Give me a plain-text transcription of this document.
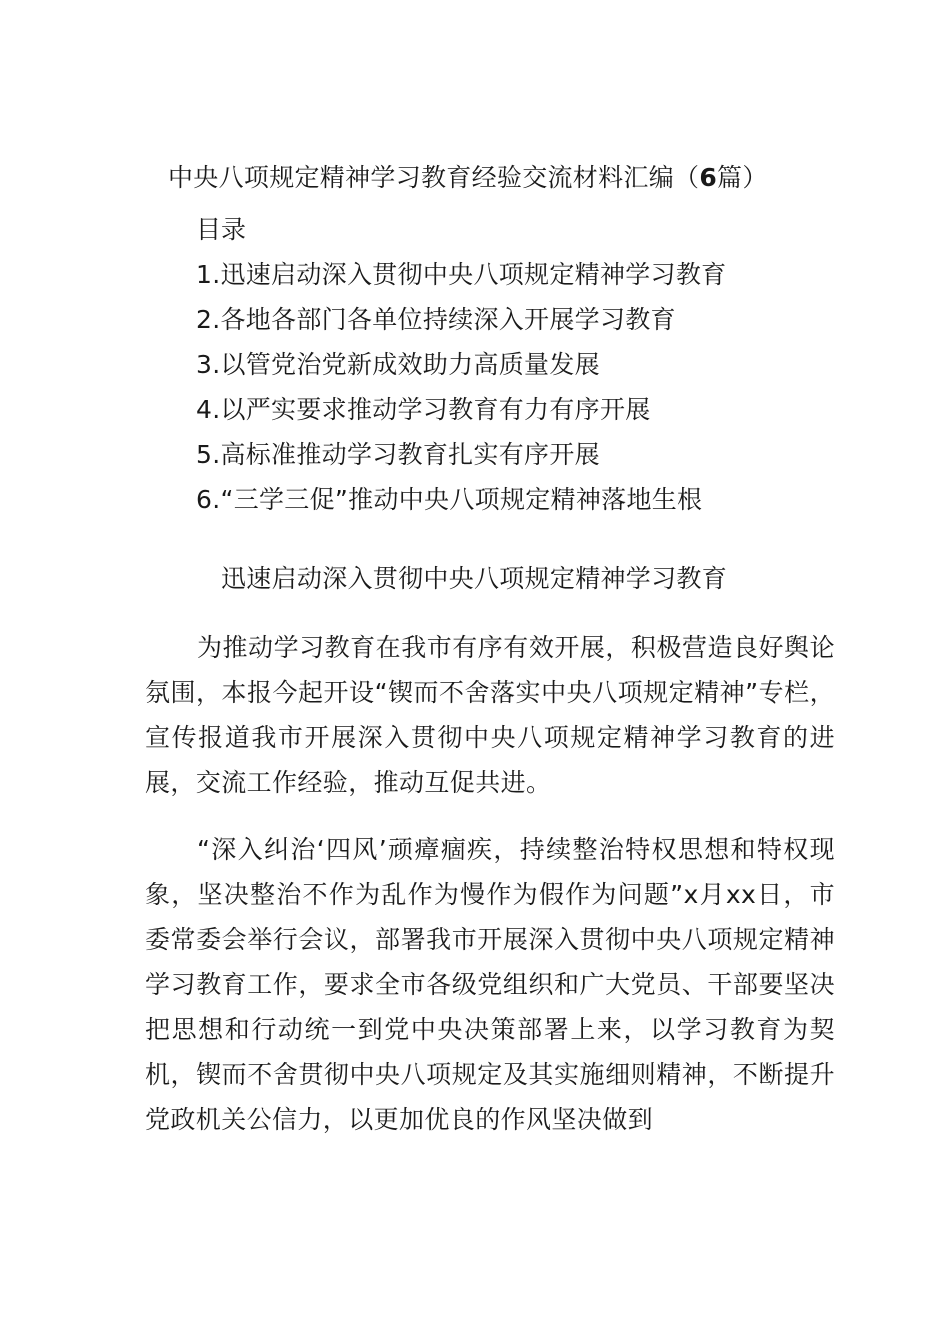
中央八项规定精神学习教育经验交流材料汇编（6篇）
目录
1.迅速启动深入贯彻中央八项规定精神学习教育
2.各地各部门各单位持续深入开展学习教育
3.以管党治党新成效助力高质量发展
4.以严实要求推动学习教育有力有序开展
5.高标准推动学习教育扎实有序开展
6.“三学三促”推动中央八项规定精神落地生根
迅速启动深入贯彻中央八项规定精神学习教育

为推动学习教育在我市有序有效开展，积极营造良好舆论氛围，本报今起开设“锲而不舍落实中央八项规定精神”专栏，宣传报道我市开展深入贯彻中央八项规定精神学习教育的进展，交流工作经验，推动互促共进。

“深入纠治‘四风’顽瘴痼疾，持续整治特权思想和特权现象，坚决整治不作为乱作为慢作为假作为问题”x月xx日，市委常委会举行会议，部署我市开展深入贯彻中央八项规定精神学习教育工作，要求全市各级党组织和广大党员、干部要坚决把思想和行动统一到党中央决策部署上来，以学习教育为契机，锲而不舍贯彻中央八项规定及其实施细则精神，不断提升党政机关公信力，以更加优良的作风坚决做到
